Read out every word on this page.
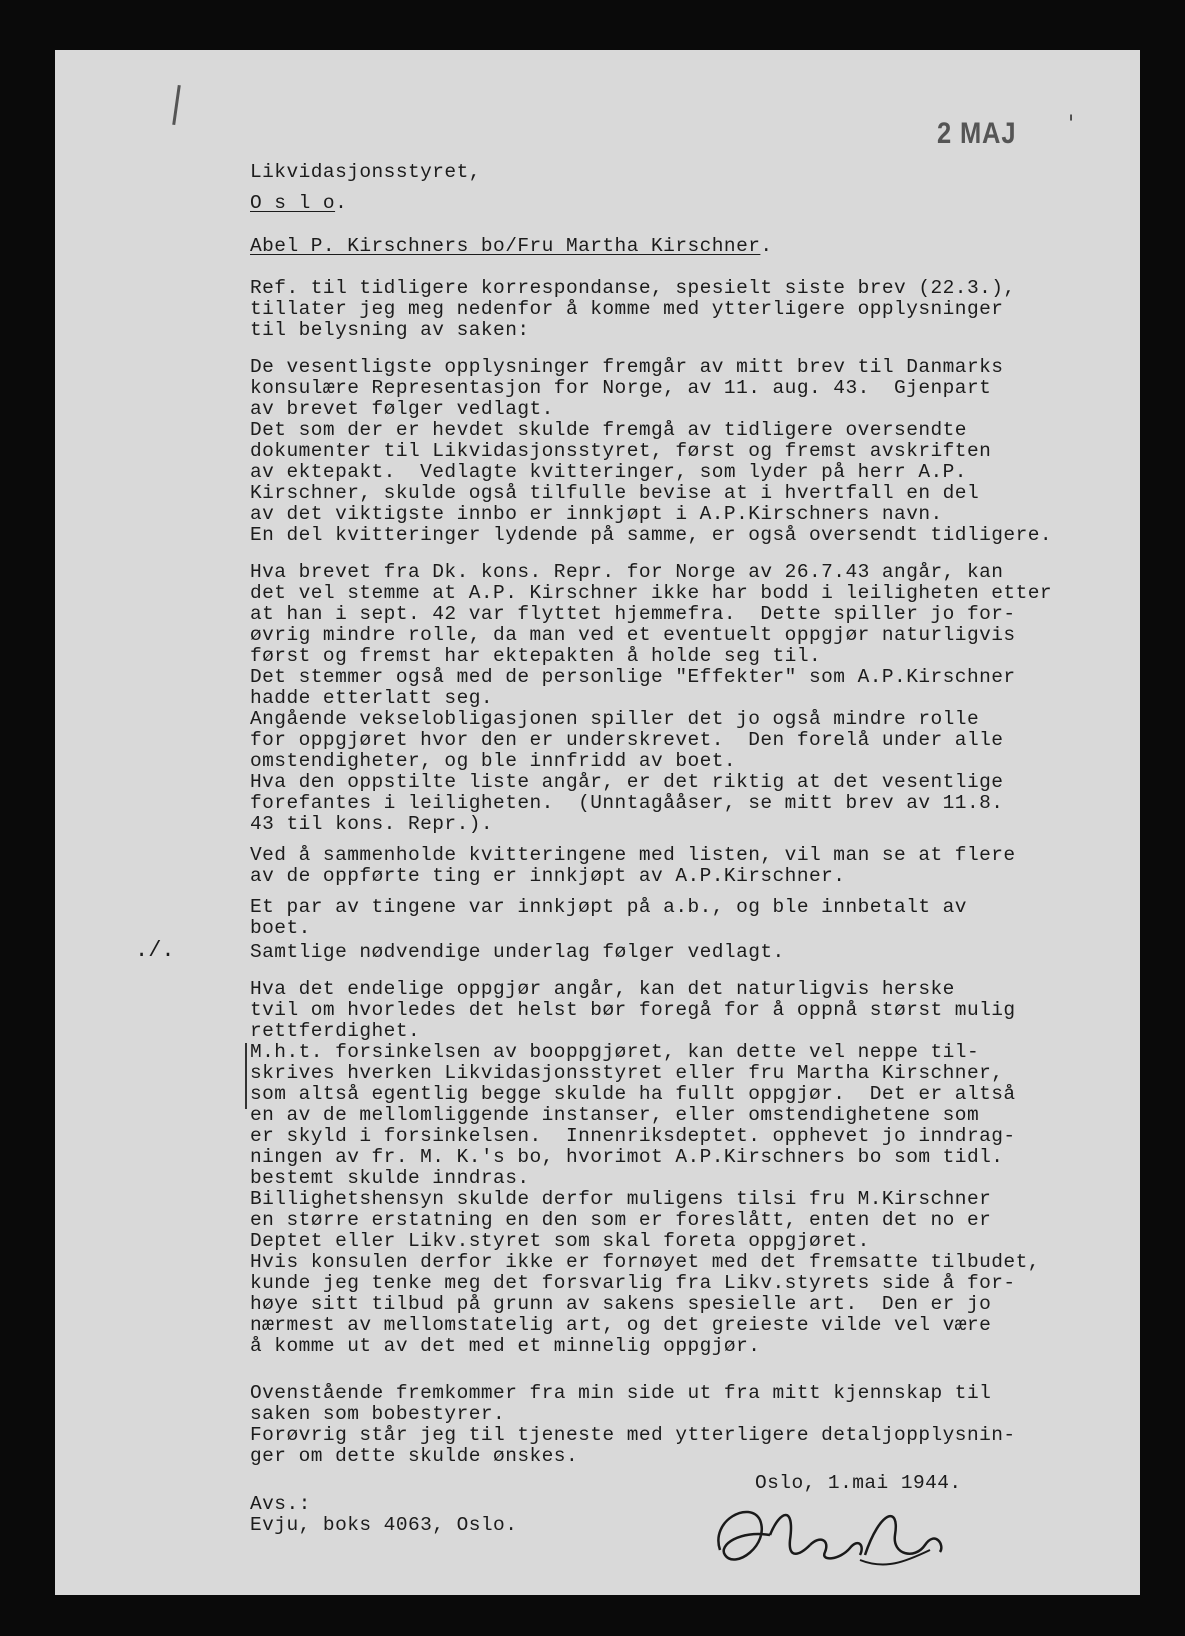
2 MAJ '
Likvidasjonsstyret,
O s l o.
Abel P. Kirschners bo/Fru Martha Kirschner.
Ref. til tidligere korrespondanse, spesielt siste brev (22.3.),
tillater jeg meg nedenfor å komme med ytterligere opplysninger
til belysning av saken:
De vesentligste opplysninger fremgår av mitt brev til Danmarks
konsulære Representasjon for Norge, av 11. aug. 43.  Gjenpart
av brevet følger vedlagt.
Det som der er hevdet skulde fremgå av tidligere oversendte
dokumenter til Likvidasjonsstyret, først og fremst avskriften
av ektepakt.  Vedlagte kvitteringer, som lyder på herr A.P.
Kirschner, skulde også tilfulle bevise at i hvertfall en del
av det viktigste innbo er innkjøpt i A.P.Kirschners navn.
En del kvitteringer lydende på samme, er også oversendt tidligere.
Hva brevet fra Dk. kons. Repr. for Norge av 26.7.43 angår, kan
det vel stemme at A.P. Kirschner ikke har bodd i leiligheten etter
at han i sept. 42 var flyttet hjemmefra.  Dette spiller jo for-
øvrig mindre rolle, da man ved et eventuelt oppgjør naturligvis
først og fremst har ektepakten å holde seg til.
Det stemmer også med de personlige "Effekter" som A.P.Kirschner
hadde etterlatt seg.
Angående vekselobligasjonen spiller det jo også mindre rolle
for oppgjøret hvor den er underskrevet.  Den forelå under alle
omstendigheter, og ble innfridd av boet.
Hva den oppstilte liste angår, er det riktig at det vesentlige
forefantes i leiligheten.  (Unntagååser, se mitt brev av 11.8.
43 til kons. Repr.).
Ved å sammenholde kvitteringene med listen, vil man se at flere
av de oppførte ting er innkjøpt av A.P.Kirschner.
Et par av tingene var innkjøpt på a.b., og ble innbetalt av
boet.
./.	Samtlige nødvendige underlag følger vedlagt.
Hva det endelige oppgjør angår, kan det naturligvis herske
tvil om hvorledes det helst bør foregå for å oppnå størst mulig
rettferdighet.
M.h.t. forsinkelsen av booppgjøret, kan dette vel neppe til-
skrives hverken Likvidasjonsstyret eller fru Martha Kirschner,
som altså egentlig begge skulde ha fullt oppgjør.  Det er altså
en av de mellomliggende instanser, eller omstendighetene som
er skyld i forsinkelsen.  Innenriksdeptet. opphevet jo inndrag-
ningen av fr. M. K.'s bo, hvorimot A.P.Kirschners bo som tidl.
bestemt skulde inndras.
Billighetshensyn skulde derfor muligens tilsi fru M.Kirschner
en større erstatning en den som er foreslått, enten det no er
Deptet eller Likv.styret som skal foreta oppgjøret.
Hvis konsulen derfor ikke er fornøyet med det fremsatte tilbudet,
kunde jeg tenke meg det forsvarlig fra Likv.styrets side å for-
høye sitt tilbud på grunn av sakens spesielle art.  Den er jo
nærmest av mellomstatelig art, og det greieste vilde vel være
å komme ut av det med et minnelig oppgjør.
Ovenstående fremkommer fra min side ut fra mitt kjennskap til
saken som bobestyrer.
Forøvrig står jeg til tjeneste med ytterligere detaljopplysnin-
ger om dette skulde ønskes.
Oslo, 1.mai 1944.
Avs.:
Evju, boks 4063, Oslo.
